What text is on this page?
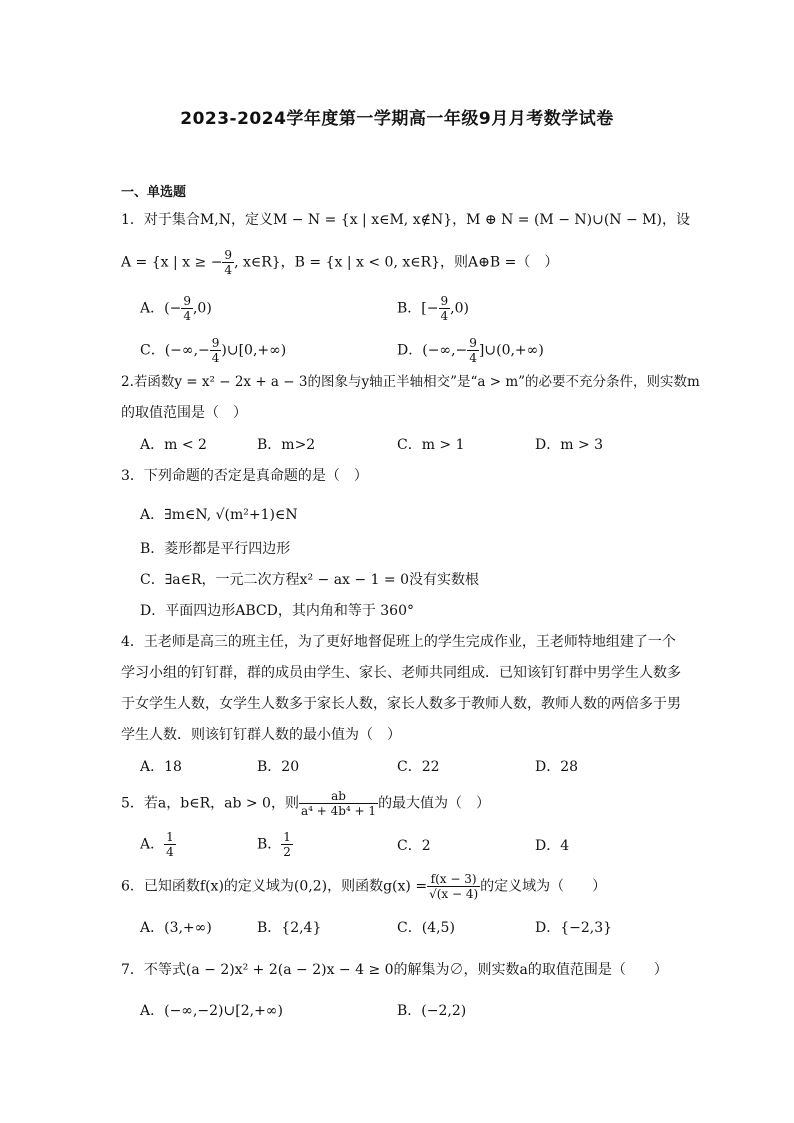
2023-2024学年度第一学期高一年级9月月考数学试卷
一、单选题
1．对于集合M,N，定义M − N = {x | x∈M, x∉N}，M ⊕ N = (M − N)∪(N − M)，设
A = {x | x ≥ − $\frac{9}{4}$ , x∈R}，B = {x | x < 0, x∈R}，则A⊕B =（　）
A．(− $\frac{9}{4} ,0$)	B．[− $\frac{9}{4} ,0$)
C．(−∞,− $\frac{9}{4}$ )∪[0,+∞)	D．(−∞,− $\frac{9}{4}$ ]∪(0,+∞)
2.若函数y = x² − 2x + a − 3的图象与y轴正半轴相交”是“a > m”的必要不充分条件，则实数m
的取值范围是（　）
A．m < 2	B．m>2	C．m > 1	D．m > 3
3．下列命题的否定是真命题的是（　）
A．∃m∈N, √(m²+1)∈N
B．菱形都是平行四边形
C．∃a∈R，一元二次方程x² − ax − 1 = 0没有实数根
D．平面四边形ABCD，其内角和等于 360°
4．王老师是高三的班主任，为了更好地督促班上的学生完成作业，王老师特地组建了一个
学习小组的钉钉群，群的成员由学生、家长、老师共同组成．已知该钉钉群中男学生人数多
于女学生人数，女学生人数多于家长人数，家长人数多于教师人数，教师人数的两倍多于男
学生人数．则该钉钉群人数的最小值为（　）
A．18	B．20	C．22	D．28
5．若a，b∈R，ab > 0，则 $\frac{ab}{\text{a⁴ + 4b⁴ + 1}}$ 的最大值为（　）
A． $\frac{1}{4}$	B． $\frac{1}{2}$	C．2	D．4
6．已知函数f(x)的定义域为(0,2)，则函数$g(x) = \frac{f(x - 3)}{√(x - 4)}$ 的定义域为（　　）
A．(3,+∞)	B．{2,4}	C．(4,5)	D．{−2,3}
7．不等式(a − 2)x² + 2(a − 2)x − 4 ≥ 0的解集为∅，则实数a的取值范围是（　　）
A．(−∞,−2)∪[2,+∞)	B．(−2,2)
